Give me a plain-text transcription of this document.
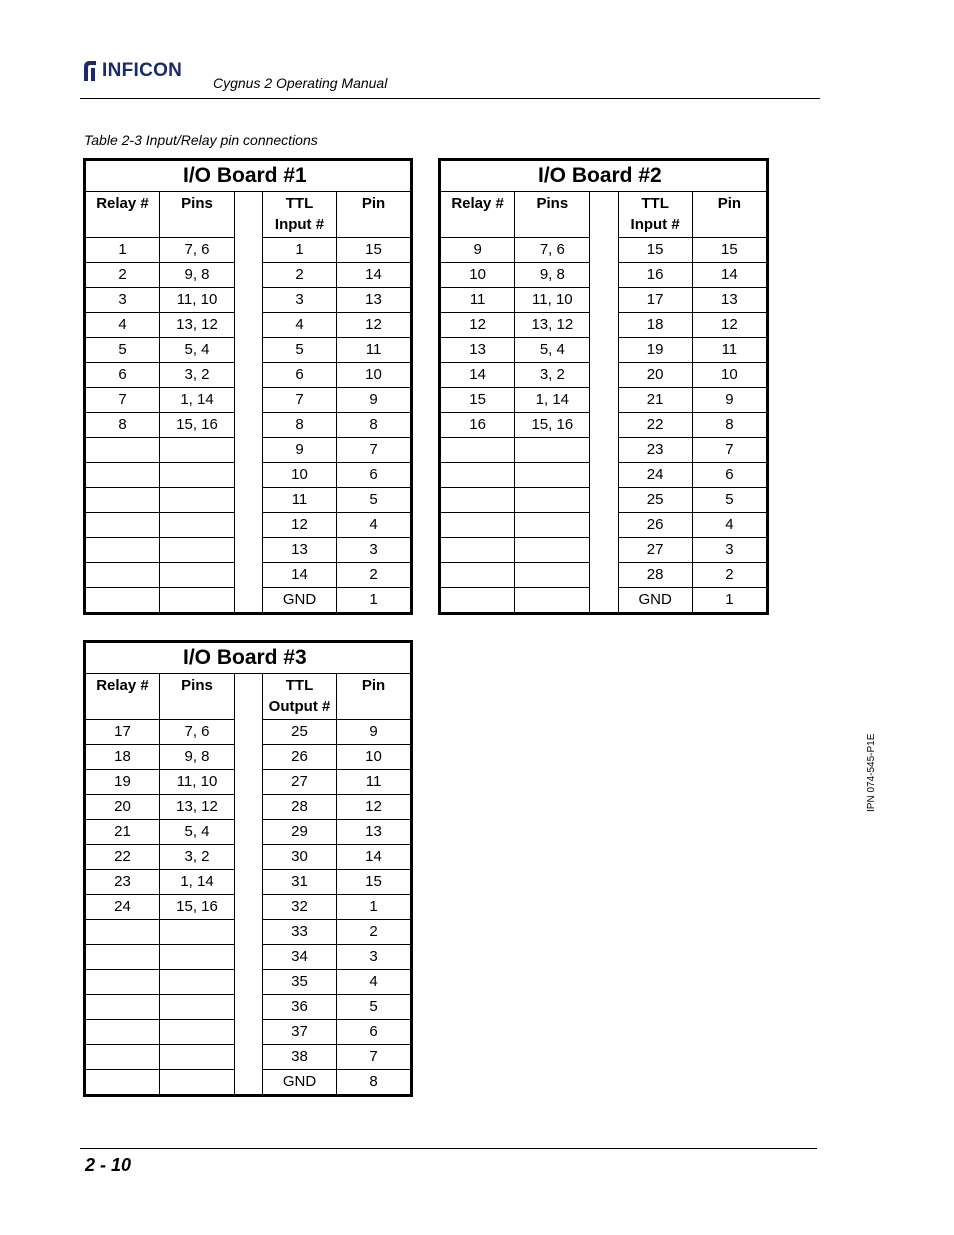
INFICON
Cygnus 2 Operating Manual
Table 2-3 Input/Relay pin connections
I/O Board #1				
Relay #	Pins		TTL
Input #	Pin
1	7, 6		1	15
2	9, 8		2	14
3	11, 10		3	13
4	13, 12		4	12
5	5, 4		5	11
6	3, 2		6	10
7	1, 14		7	9
8	15, 16		8	8
			9	7
			10	6
			11	5
			12	4
			13	3
			14	2
			GND	1
I/O Board #2				
Relay #	Pins		TTL
Input #	Pin
9	7, 6		15	15
10	9, 8		16	14
11	11, 10		17	13
12	13, 12		18	12
13	5, 4		19	11
14	3, 2		20	10
15	1, 14		21	9
16	15, 16		22	8
			23	7
			24	6
			25	5
			26	4
			27	3
			28	2
			GND	1
I/O Board #3				
Relay #	Pins		TTL
Output #	Pin
17	7, 6		25	9
18	9, 8		26	10
19	11, 10		27	11
20	13, 12		28	12
21	5, 4		29	13
22	3, 2		30	14
23	1, 14		31	15
24	15, 16		32	1
			33	2
			34	3
			35	4
			36	5
			37	6
			38	7
			GND	8
IPN 074-545-P1E
2 - 10
